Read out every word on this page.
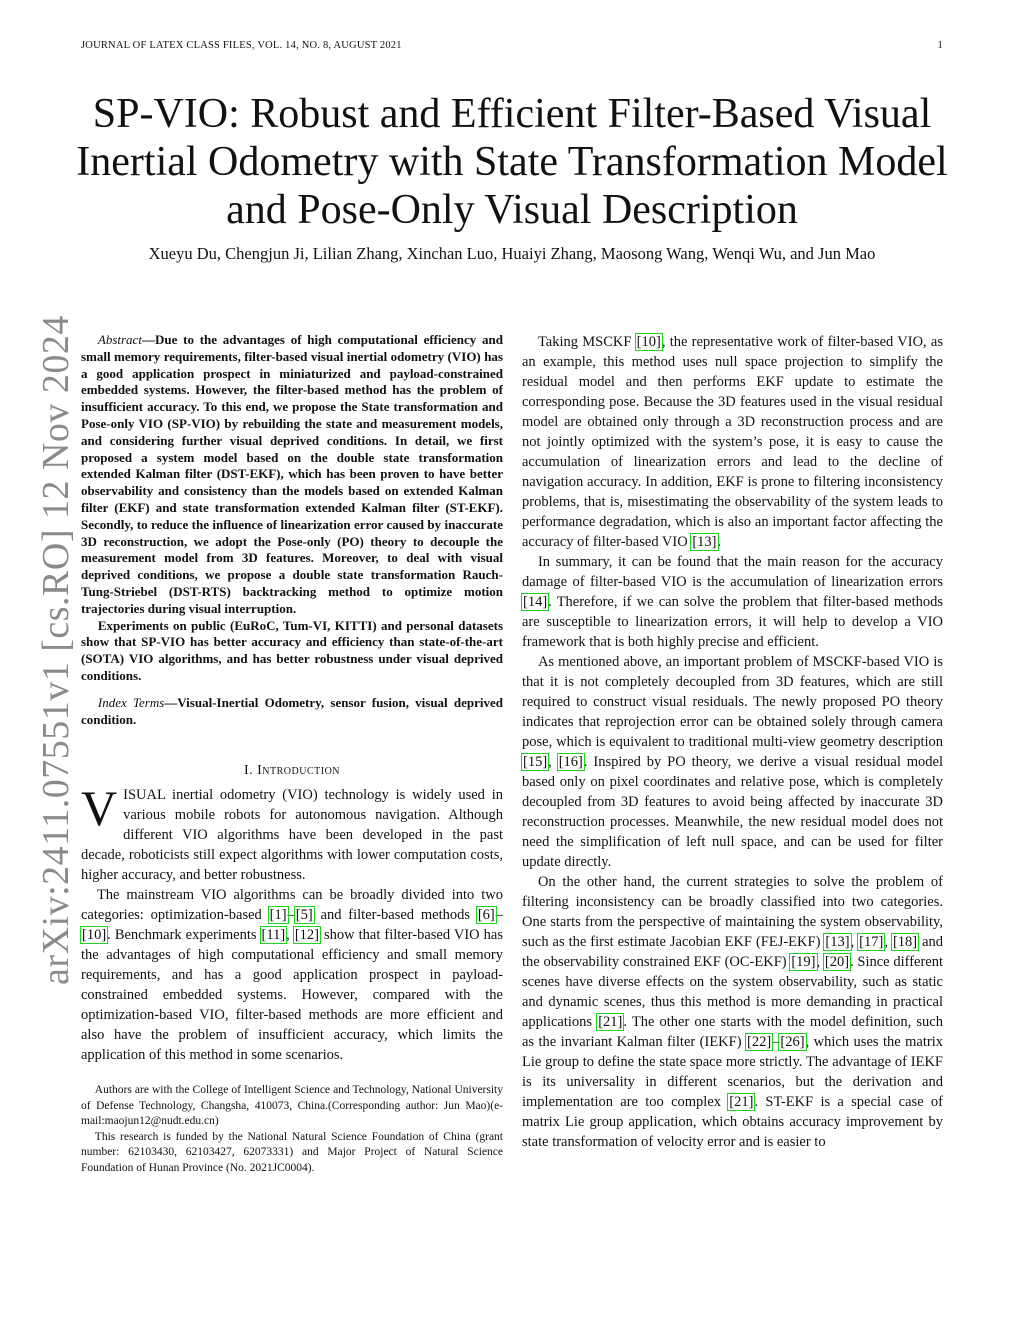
JOURNAL OF LATEX CLASS FILES, VOL. 14, NO. 8, AUGUST 2021	1
arXiv:2411.07551v1 [cs.RO] 12 Nov 2024
SP-VIO: Robust and Efficient Filter-Based Visual
Inertial Odometry with State Transformation Model
and Pose-Only Visual Description
Xueyu Du, Chengjun Ji, Lilian Zhang, Xinchan Luo, Huaiyi Zhang, Maosong Wang, Wenqi Wu, and Jun Mao

Abstract—Due to the advantages of high computational efficiency and small memory requirements, filter-based visual inertial odometry (VIO) has a good application prospect in miniaturized and payload-constrained embedded systems. However, the filter-based method has the problem of insufficient accuracy. To this end, we propose the State transformation and Pose-only VIO (SP-VIO) by rebuilding the state and measurement models, and considering further visual deprived conditions. In detail, we first proposed a system model based on the double state transformation extended Kalman filter (DST-EKF), which has been proven to have better observability and consistency than the models based on extended Kalman filter (EKF) and state transformation extended Kalman filter (ST-EKF). Secondly, to reduce the influence of linearization error caused by inaccurate 3D reconstruction, we adopt the Pose-only (PO) theory to decouple the measurement model from 3D features. Moreover, to deal with visual deprived conditions, we propose a double state transformation Rauch-Tung-Striebel (DST-RTS) backtracking method to optimize motion trajectories during visual interruption.

Experiments on public (EuRoC, Tum-VI, KITTI) and personal datasets show that SP-VIO has better accuracy and efficiency than state-of-the-art (SOTA) VIO algorithms, and has better robustness under visual deprived conditions.

Index Terms—Visual-Inertial Odometry, sensor fusion, visual deprived condition.

I. Introduction

VISUAL inertial odometry (VIO) technology is widely used in various mobile robots for autonomous navigation. Although different VIO algorithms have been developed in the past decade, roboticists still expect algorithms with lower computation costs, higher accuracy, and better robustness.

The mainstream VIO algorithms can be broadly divided into two categories: optimization-based [1]–[5] and filter-based methods [6]–[10]. Benchmark experiments [11], [12] show that filter-based VIO has the advantages of high computational efficiency and small memory requirements, and has a good application prospect in payload-constrained embedded systems. However, compared with the optimization-based VIO, filter-based methods are more efficient and also have the problem of insufficient accuracy, which limits the application of this method in some scenarios.

Authors are with the College of Intelligent Science and Technology, National University of Defense Technology, Changsha, 410073, China.(Corresponding author: Jun Mao)(e-mail:maojun12@nudt.edu.cn)

This research is funded by the National Natural Science Foundation of China (grant number: 62103430, 62103427, 62073331) and Major Project of Natural Science Foundation of Hunan Province (No. 2021JC0004).

Taking MSCKF [10], the representative work of filter-based VIO, as an example, this method uses null space projection to simplify the residual model and then performs EKF update to estimate the corresponding pose. Because the 3D features used in the visual residual model are obtained only through a 3D reconstruction process and are not jointly optimized with the system’s pose, it is easy to cause the accumulation of linearization errors and lead to the decline of navigation accuracy. In addition, EKF is prone to filtering inconsistency problems, that is, misestimating the observability of the system leads to performance degradation, which is also an important factor affecting the accuracy of filter-based VIO [13].

In summary, it can be found that the main reason for the accuracy damage of filter-based VIO is the accumulation of linearization errors [14]. Therefore, if we can solve the problem that filter-based methods are susceptible to linearization errors, it will help to develop a VIO framework that is both highly precise and efficient.

As mentioned above, an important problem of MSCKF-based VIO is that it is not completely decoupled from 3D features, which are still required to construct visual residuals. The newly proposed PO theory indicates that reprojection error can be obtained solely through camera pose, which is equivalent to traditional multi-view geometry description [15], [16]. Inspired by PO theory, we derive a visual residual model based only on pixel coordinates and relative pose, which is completely decoupled from 3D features to avoid being affected by inaccurate 3D reconstruction processes. Meanwhile, the new residual model does not need the simplification of left null space, and can be used for filter update directly.

On the other hand, the current strategies to solve the problem of filtering inconsistency can be broadly classified into two categories. One starts from the perspective of maintaining the system observability, such as the first estimate Jacobian EKF (FEJ-EKF) [13], [17], [18] and the observability constrained EKF (OC-EKF) [19], [20]. Since different scenes have diverse effects on the system observability, such as static and dynamic scenes, thus this method is more demanding in practical applications [21]. The other one starts with the model definition, such as the invariant Kalman filter (IEKF) [22]–[26], which uses the matrix Lie group to define the state space more strictly. The advantage of IEKF is its universality in different scenarios, but the derivation and implementation are too complex [21]. ST-EKF is a special case of matrix Lie group application, which obtains accuracy improvement by state transformation of velocity error and is easier to
